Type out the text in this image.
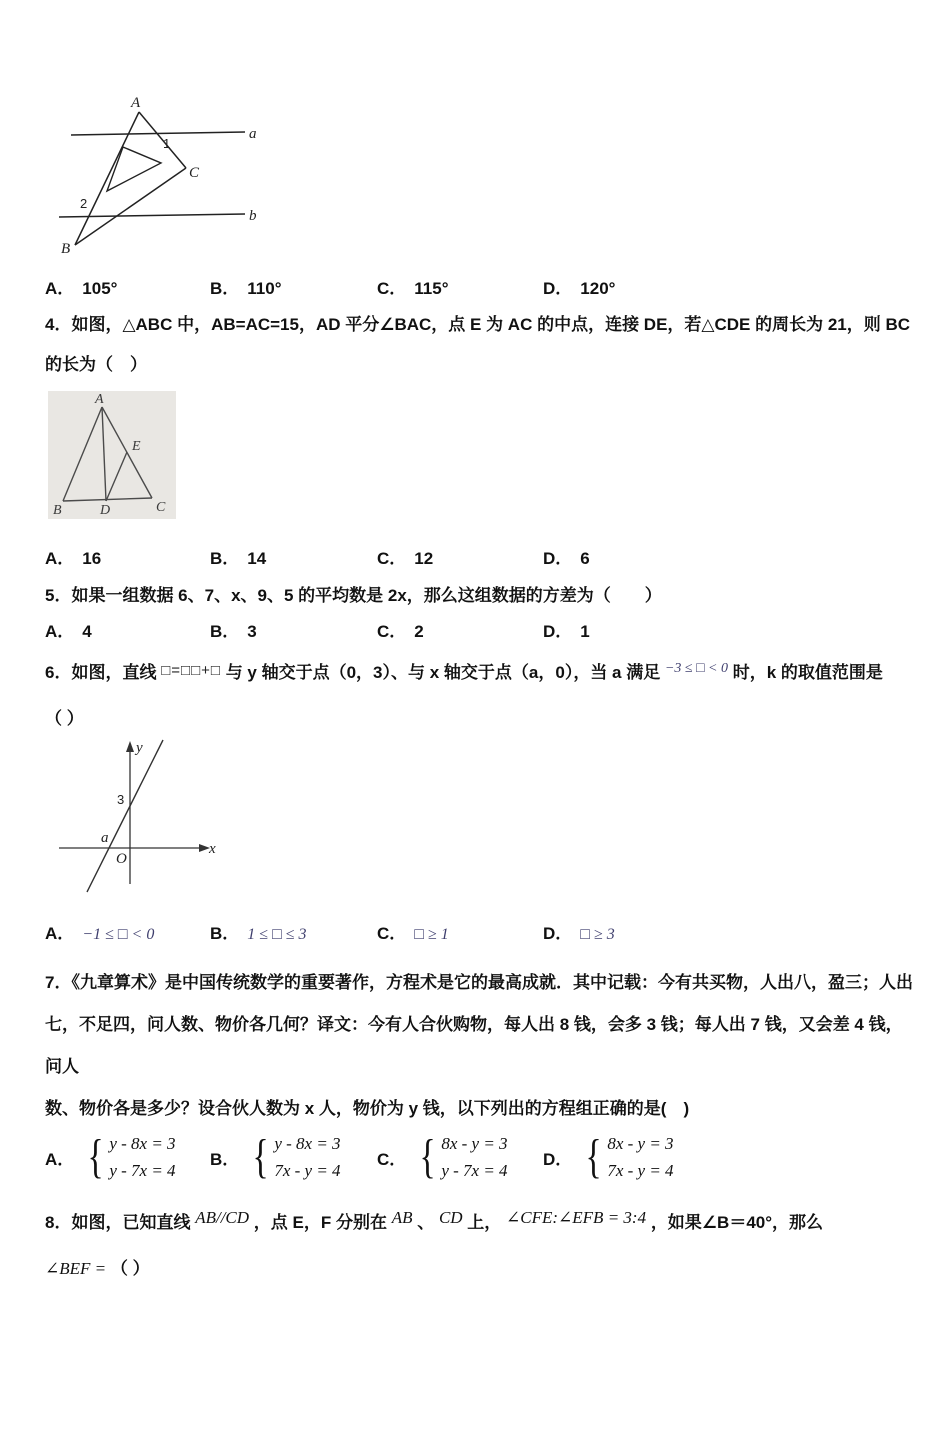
A
B
C
a
b
1
2
A． 105°	B． 110°	C． 115°	D． 120°
4．如图，△ABC 中，AB=AC=15，AD 平分∠BAC，点 E 为 AC 的中点，连接 DE，若△CDE 的周长为 21，则 BC
的长为（　）
A
B	C
D
E
A． 16	B． 14	C． 12	D． 6
5．如果一组数据 6、7、x、9、5 的平均数是 2x，那么这组数据的方差为（　　）
A． 4	B． 3	C． 2	D． 1
6．如图，直线 □=□□+□ 与 y 轴交于点（0，3）、与 x 轴交于点（a，0），当 a 满足 $^{-3 \le □ < 0}$ 时，k 的取值范围是
（ ）
y
x
O
3
a
A． −1 ≤ □ < 0	B． 1 ≤ □ ≤ 3	C． □ ≥ 1	D． □ ≥ 3
7．《九章算术》是中国传统数学的重要著作，方程术是它的最高成就．其中记载：今有共买物，人出八，盈三；人出
七，不足四，问人数、物价各几何？译文：今有人合伙购物，每人出 8 钱，会多 3 钱；每人出 7 钱，又会差 4 钱，问人
数、物价各是多少？设合伙人数为 x 人，物价为 y 钱，以下列出的方程组正确的是(　)
A． { y - 8x = 3
y - 7x = 4
B． { y - 8x = 3
7x - y = 4
C． { 8x - y = 3
y - 7x = 4
D． { 8x - y = 3
7x - y = 4
8．如图，已知直线 AB//CD ，点 E，F 分别在 AB 、 CD 上， ∠CFE:∠EFB = 3:4 ，如果∠B＝40°，那么
∠BEF = （ ）
